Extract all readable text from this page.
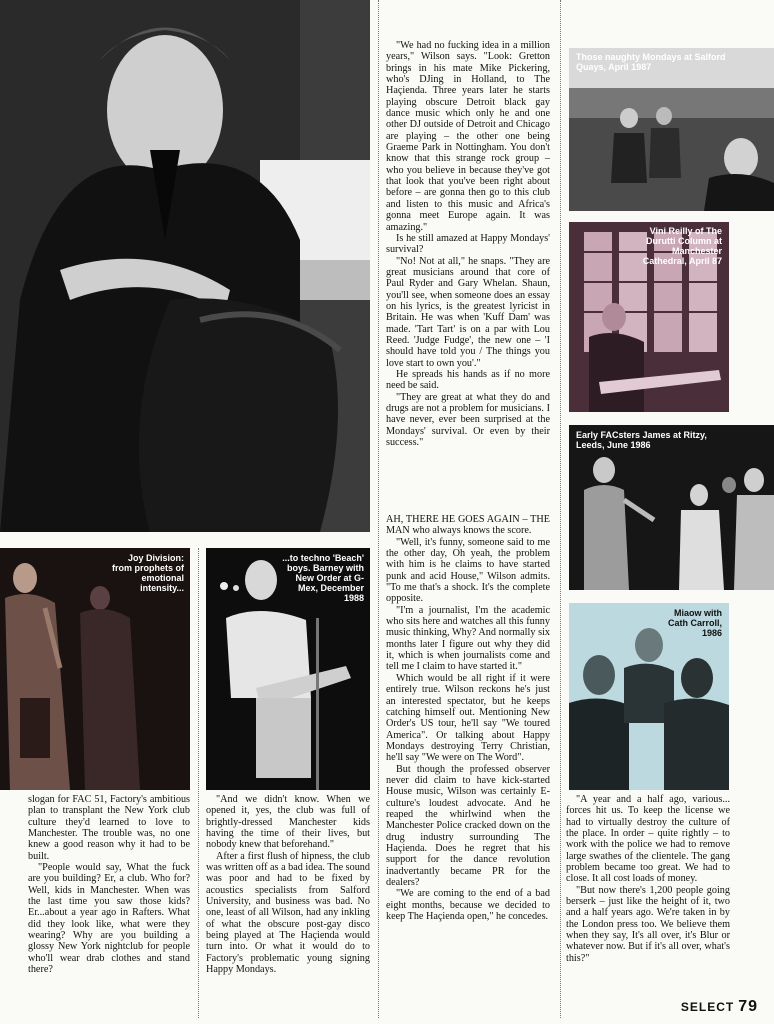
Joy Division: from prophets of emotional intensity...
...to techno 'Beach' boys. Barney with New Order at G-Mex, December 1988
Those naughty Mondays at Salford Quays, April 1987
Vini Reilly of The Durutti Column at Manchester Cathedral, April 87
Early FACsters James at Ritzy, Leeds, June 1986
Miaow with Cath Carroll, 1986

slogan for FAC 51, Factory's ambitious plan to transplant the New York club culture they'd learned to love to Manchester. The trouble was, no one knew a good reason why it had to be built.

"People would say, What the fuck are you building? Er, a club. Who for? Well, kids in Manchester. When was the last time you saw those kids? Er...about a year ago in Rafters. What did they look like, what were they wearing? Why are you building a glossy New York nightclub for people who'll wear drab clothes and stand there?

"And we didn't know. When we opened it, yes, the club was full of brightly-dressed Manchester kids having the time of their lives, but nobody knew that beforehand."

After a first flush of hipness, the club was written off as a bad idea. The sound was poor and had to be fixed by acoustics specialists from Salford University, and business was bad. No one, least of all Wilson, had any inkling of what the obscure post-gay disco being played at The Haçienda would turn into. Or what it would do to Factory's problematic young signing Happy Mondays.

"We had no fucking idea in a million years," Wilson says. "Look: Gretton brings in his mate Mike Pickering, who's DJing in Holland, to The Haçienda. Three years later he starts playing obscure Detroit black gay dance music which only he and one other DJ outside of Detroit and Chicago are playing – the other one being Graeme Park in Nottingham. You don't know that this strange rock group – who you believe in because they've got that look that you've been right about before – are gonna then go to this club and listen to this music and Africa's gonna meet Europe again. It was amazing."

Is he still amazed at Happy Mondays' survival?

"No! Not at all," he snaps. "They are great musicians around that core of Paul Ryder and Gary Whelan. Shaun, you'll see, when someone does an essay on his lyrics, is the greatest lyricist in Britain. He was when 'Kuff Dam' was made. 'Tart Tart' is on a par with Lou Reed. 'Judge Fudge', the new one – 'I should have told you / The things you love start to own you'."

He spreads his hands as if no more need be said.

"They are great at what they do and drugs are not a problem for musicians. I have never, ever been surprised at the Mondays' survival. Or even by their success."

AH, THERE HE GOES AGAIN – THE MAN who always knows the score.

"Well, it's funny, someone said to me the other day, Oh yeah, the problem with him is he claims to have started punk and acid House," Wilson admits. "To me that's a shock. It's the complete opposite.

"I'm a journalist, I'm the academic who sits here and watches all this funny music thinking, Why? And normally six months later I figure out why they did it, which is when journalists come and tell me I claim to have started it."

Which would be all right if it were entirely true. Wilson reckons he's just an interested spectator, but he keeps catching himself out. Mentioning New Order's US tour, he'll say "We toured America". Or talking about Happy Mondays destroying Terry Christian, he'll say "We were on The Word".

But though the professed observer never did claim to have kick-started House music, Wilson was certainly E-culture's loudest advocate. And he reaped the whirlwind when the Manchester Police cracked down on the drug industry surrounding The Haçienda. Does he regret that his support for the dance revolution inadvertantly became PR for the dealers?

"We are coming to the end of a bad eight months, because we decided to keep The Haçienda open," he concedes.

"A year and a half ago, various... forces hit us. To keep the license we had to virtually destroy the culture of the place. In order – quite rightly – to work with the police we had to remove large swathes of the clientele. The gang problem became too great. We had to close. It all cost loads of money.

"But now there's 1,200 people going berserk – just like the height of it, two and a half years ago. We're taken in by the London press too. We believe them when they say, It's all over, it's Blur or whatever now. But if it's all over, what's this?"

SELECT 79
